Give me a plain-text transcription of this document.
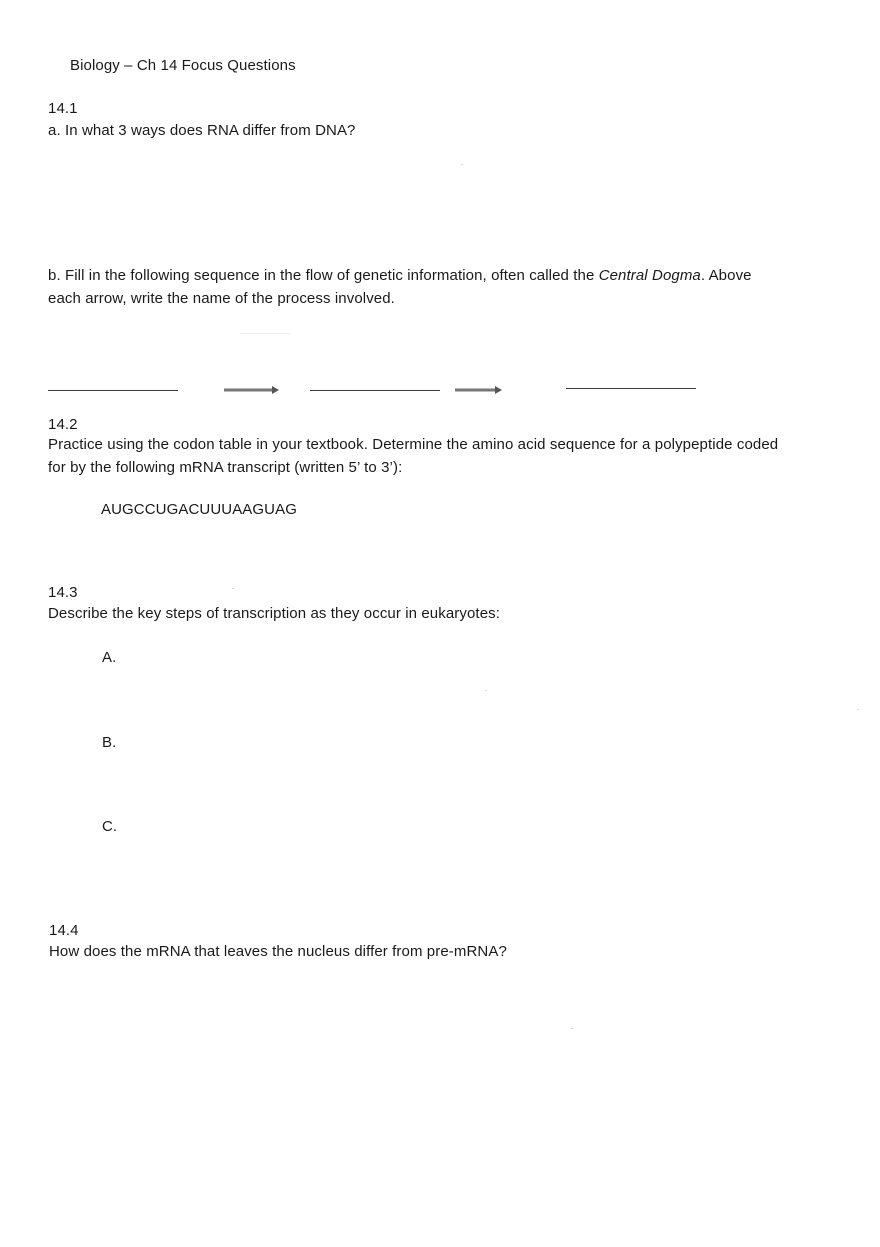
Biology – Ch 14 Focus Questions
14.1
a. In what 3 ways does RNA differ from DNA?
b. Fill in the following sequence in the flow of genetic information, often called the Central Dogma. Above
each arrow, write the name of the process involved.
14.2
Practice using the codon table in your textbook. Determine the amino acid sequence for a polypeptide coded
for by the following mRNA transcript (written 5’ to 3’):
AUGCCUGACUUUAAGUAG
14.3
Describe the key steps of transcription as they occur in eukaryotes:
A.
B.
C.
14.4
How does the mRNA that leaves the nucleus differ from pre-mRNA?
